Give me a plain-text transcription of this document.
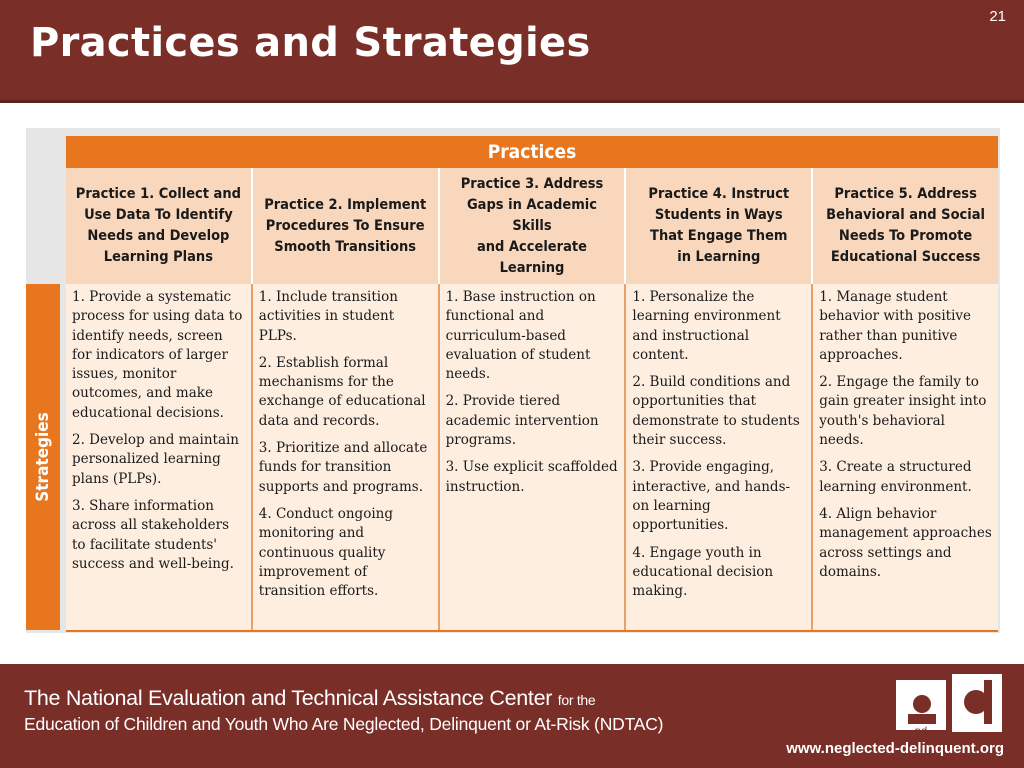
Practices and Strategies
21
Practices
Practice 1. Collect and
Use Data To Identify
Needs and Develop
Learning Plans
Practice 2. Implement
Procedures To Ensure
Smooth Transitions
Practice 3. Address
Gaps in Academic Skills
and Accelerate Learning
Practice 4. Instruct
Students in Ways
That Engage Them
in Learning
Practice 5. Address
Behavioral and Social
Needs To Promote
Educational Success
Strategies

1. Provide a systematic process for using data to identify needs, screen for indicators of larger issues, monitor outcomes, and make educational decisions.

2. Develop and maintain personalized learning plans (PLPs).

3. Share information across all stakeholders to facilitate students' success and well-being.

1. Include transition activities in student PLPs.

2. Establish formal mechanisms for the exchange of educational data and records.

3. Prioritize and allocate funds for transition supports and programs.

4. Conduct ongoing monitoring and continuous quality improvement of transition efforts.

1. Base instruction on functional and curriculum-based evaluation of student needs.

2. Provide tiered academic intervention programs.

3. Use explicit scaffolded instruction.

1. Personalize the learning environment and instructional content.

2. Build conditions and opportunities that demonstrate to students their success.

3. Provide engaging, interactive, and hands-on learning opportunities.

4. Engage youth in educational decision making.

1. Manage student behavior with positive rather than punitive approaches.

2. Engage the family to gain greater insight into youth's behavioral needs.

3. Create a structured learning environment.

4. Align behavior management approaches across settings and domains.

The National Evaluation and Technical Assistance Center for the
Education of Children and Youth Who Are Neglected, Delinquent or At-Risk (NDTAC)	nd
www.neglected-delinquent.org
